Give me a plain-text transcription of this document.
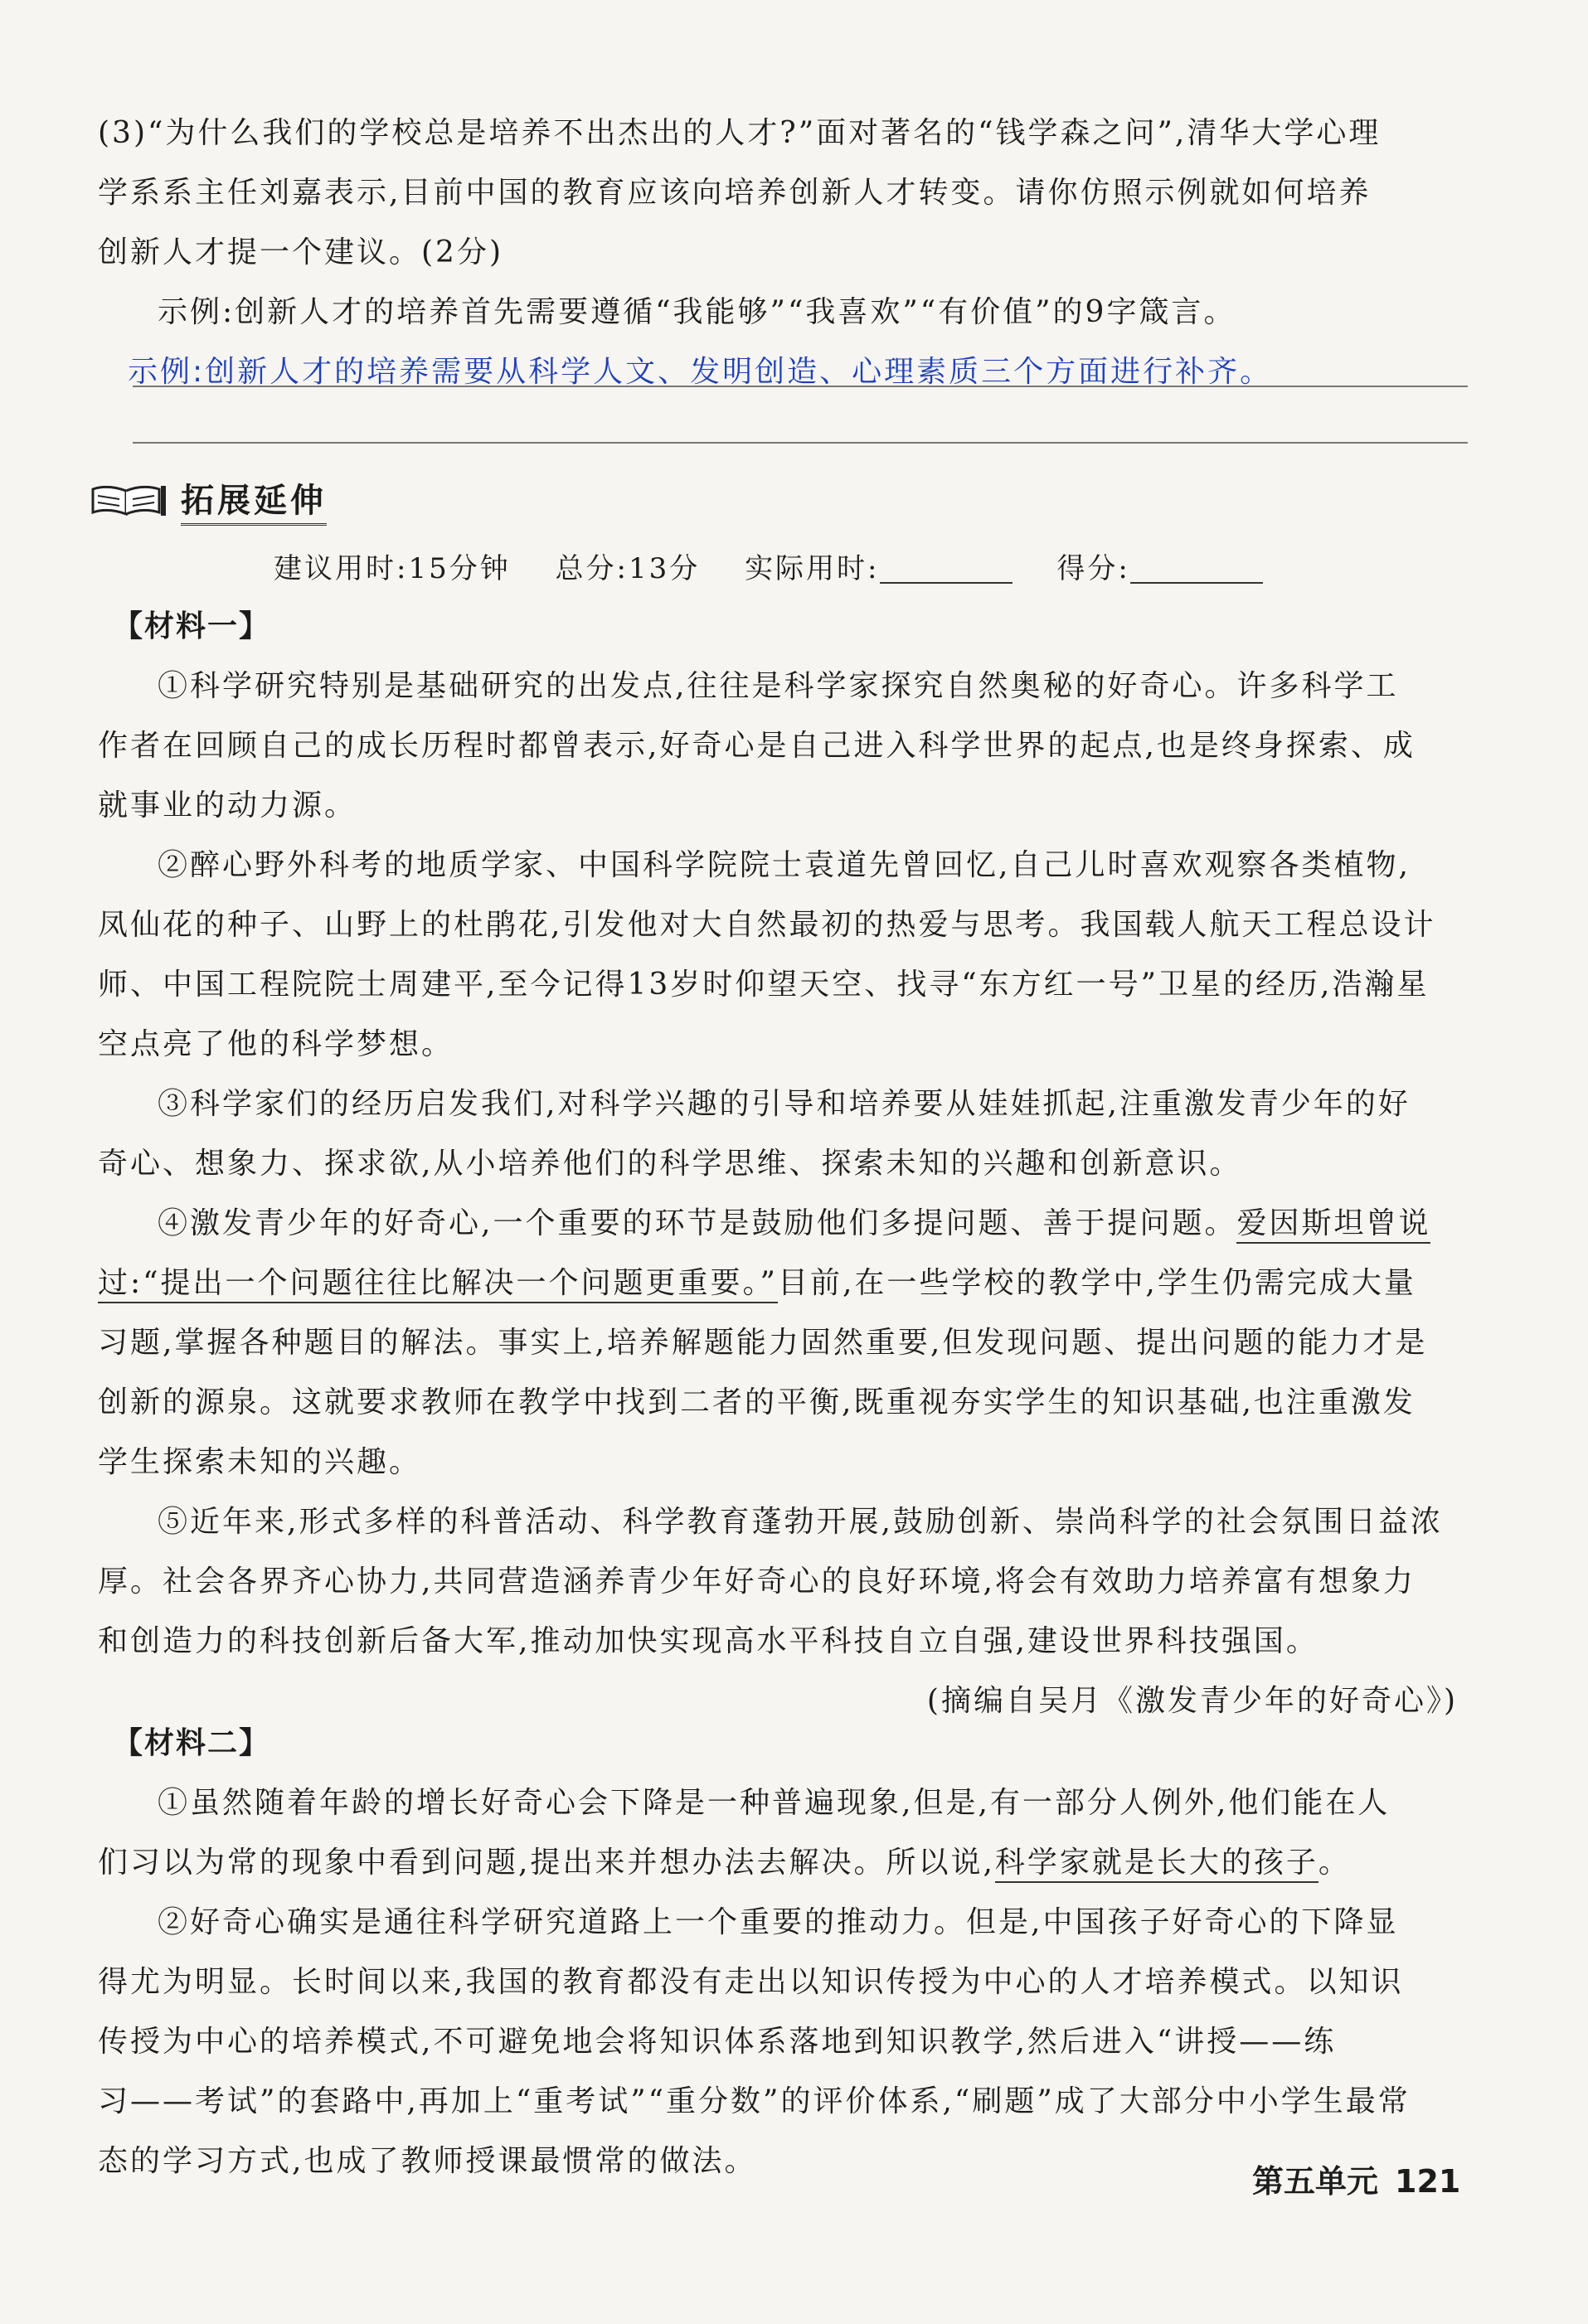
(3)“为什么我们的学校总是培养不出杰出的人才?”面对著名的“钱学森之问”,清华大学心理
学系系主任刘嘉表示,目前中国的教育应该向培养创新人才转变。请你仿照示例就如何培养
创新人才提一个建议。(2分)
示例:创新人才的培养首先需要遵循“我能够”“我喜欢”“有价值”的9字箴言。
示例:创新人才的培养需要从科学人文、发明创造、心理素质三个方面进行补齐。
拓展延伸
建议用时:15分钟 总分:13分 实际用时:	得分:
【材料一】
①科学研究特别是基础研究的出发点,往往是科学家探究自然奥秘的好奇心。许多科学工
作者在回顾自己的成长历程时都曾表示,好奇心是自己进入科学世界的起点,也是终身探索、成
就事业的动力源。
②醉心野外科考的地质学家、中国科学院院士袁道先曾回忆,自己儿时喜欢观察各类植物,
凤仙花的种子、山野上的杜鹃花,引发他对大自然最初的热爱与思考。我国载人航天工程总设计
师、中国工程院院士周建平,至今记得13岁时仰望天空、找寻“东方红一号”卫星的经历,浩瀚星
空点亮了他的科学梦想。
③科学家们的经历启发我们,对科学兴趣的引导和培养要从娃娃抓起,注重激发青少年的好
奇心、想象力、探求欲,从小培养他们的科学思维、探索未知的兴趣和创新意识。
④激发青少年的好奇心,一个重要的环节是鼓励他们多提问题、善于提问题。爱因斯坦曾说
过:“提出一个问题往往比解决一个问题更重要。”目前,在一些学校的教学中,学生仍需完成大量
习题,掌握各种题目的解法。事实上,培养解题能力固然重要,但发现问题、提出问题的能力才是
创新的源泉。这就要求教师在教学中找到二者的平衡,既重视夯实学生的知识基础,也注重激发
学生探索未知的兴趣。
⑤近年来,形式多样的科普活动、科学教育蓬勃开展,鼓励创新、崇尚科学的社会氛围日益浓
厚。社会各界齐心协力,共同营造涵养青少年好奇心的良好环境,将会有效助力培养富有想象力
和创造力的科技创新后备大军,推动加快实现高水平科技自立自强,建设世界科技强国。
(摘编自吴月《激发青少年的好奇心》)
【材料二】
①虽然随着年龄的增长好奇心会下降是一种普遍现象,但是,有一部分人例外,他们能在人
们习以为常的现象中看到问题,提出来并想办法去解决。所以说,科学家就是长大的孩子。
②好奇心确实是通往科学研究道路上一个重要的推动力。但是,中国孩子好奇心的下降显
得尤为明显。长时间以来,我国的教育都没有走出以知识传授为中心的人才培养模式。以知识
传授为中心的培养模式,不可避免地会将知识体系落地到知识教学,然后进入“讲授——练
习——考试”的套路中,再加上“重考试”“重分数”的评价体系,“刷题”成了大部分中小学生最常
态的学习方式,也成了教师授课最惯常的做法。
第五单元 121
